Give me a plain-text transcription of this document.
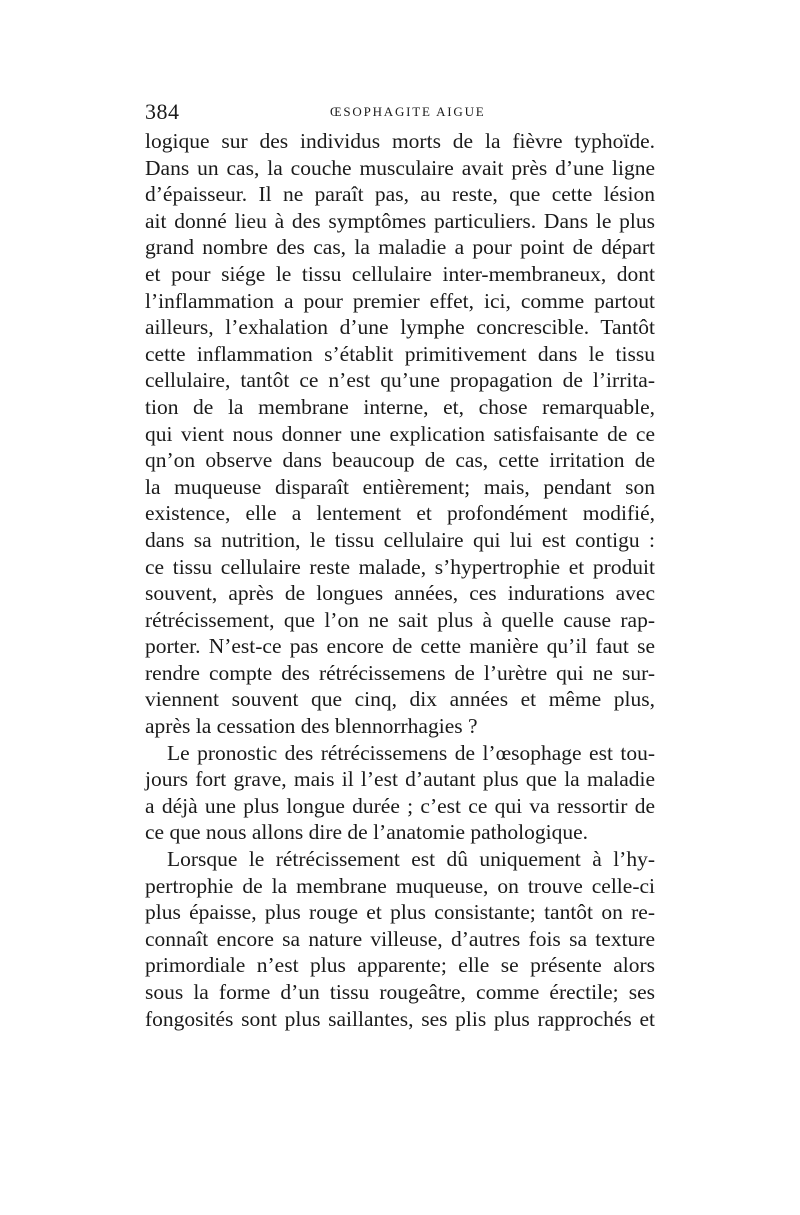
384	ŒSOPHAGITE AIGUE
logique sur des individus morts de la fièvre typhoïde.
Dans un cas, la couche musculaire avait près d’une ligne
d’épaisseur. Il ne paraît pas, au reste, que cette lésion
ait donné lieu à des symptômes particuliers. Dans le plus
grand nombre des cas, la maladie a pour point de départ
et pour siége le tissu cellulaire inter-membraneux, dont
l’inflammation a pour premier effet, ici, comme partout
ailleurs, l’exhalation d’une lymphe concrescible. Tantôt
cette inflammation s’établit primitivement dans le tissu
cellulaire, tantôt ce n’est qu’une propagation de l’irrita-
tion de la membrane interne, et, chose remarquable,
qui vient nous donner une explication satisfaisante de ce
qn’on observe dans beaucoup de cas, cette irritation de
la muqueuse disparaît entièrement; mais, pendant son
existence, elle a lentement et profondément modifié,
dans sa nutrition, le tissu cellulaire qui lui est contigu :
ce tissu cellulaire reste malade, s’hypertrophie et produit
souvent, après de longues années, ces indurations avec
rétrécissement, que l’on ne sait plus à quelle cause rap-
porter. N’est-ce pas encore de cette manière qu’il faut se
rendre compte des rétrécissemens de l’urètre qui ne sur-
viennent souvent que cinq, dix années et même plus,
après la cessation des blennorrhagies ?
Le pronostic des rétrécissemens de l’œsophage est tou-
jours fort grave, mais il l’est d’autant plus que la maladie
a déjà une plus longue durée ; c’est ce qui va ressortir de
ce que nous allons dire de l’anatomie pathologique.
Lorsque le rétrécissement est dû uniquement à l’hy-
pertrophie de la membrane muqueuse, on trouve celle-ci
plus épaisse, plus rouge et plus consistante; tantôt on re-
connaît encore sa nature villeuse, d’autres fois sa texture
primordiale n’est plus apparente; elle se présente alors
sous la forme d’un tissu rougeâtre, comme érectile; ses
fongosités sont plus saillantes, ses plis plus rapprochés et
